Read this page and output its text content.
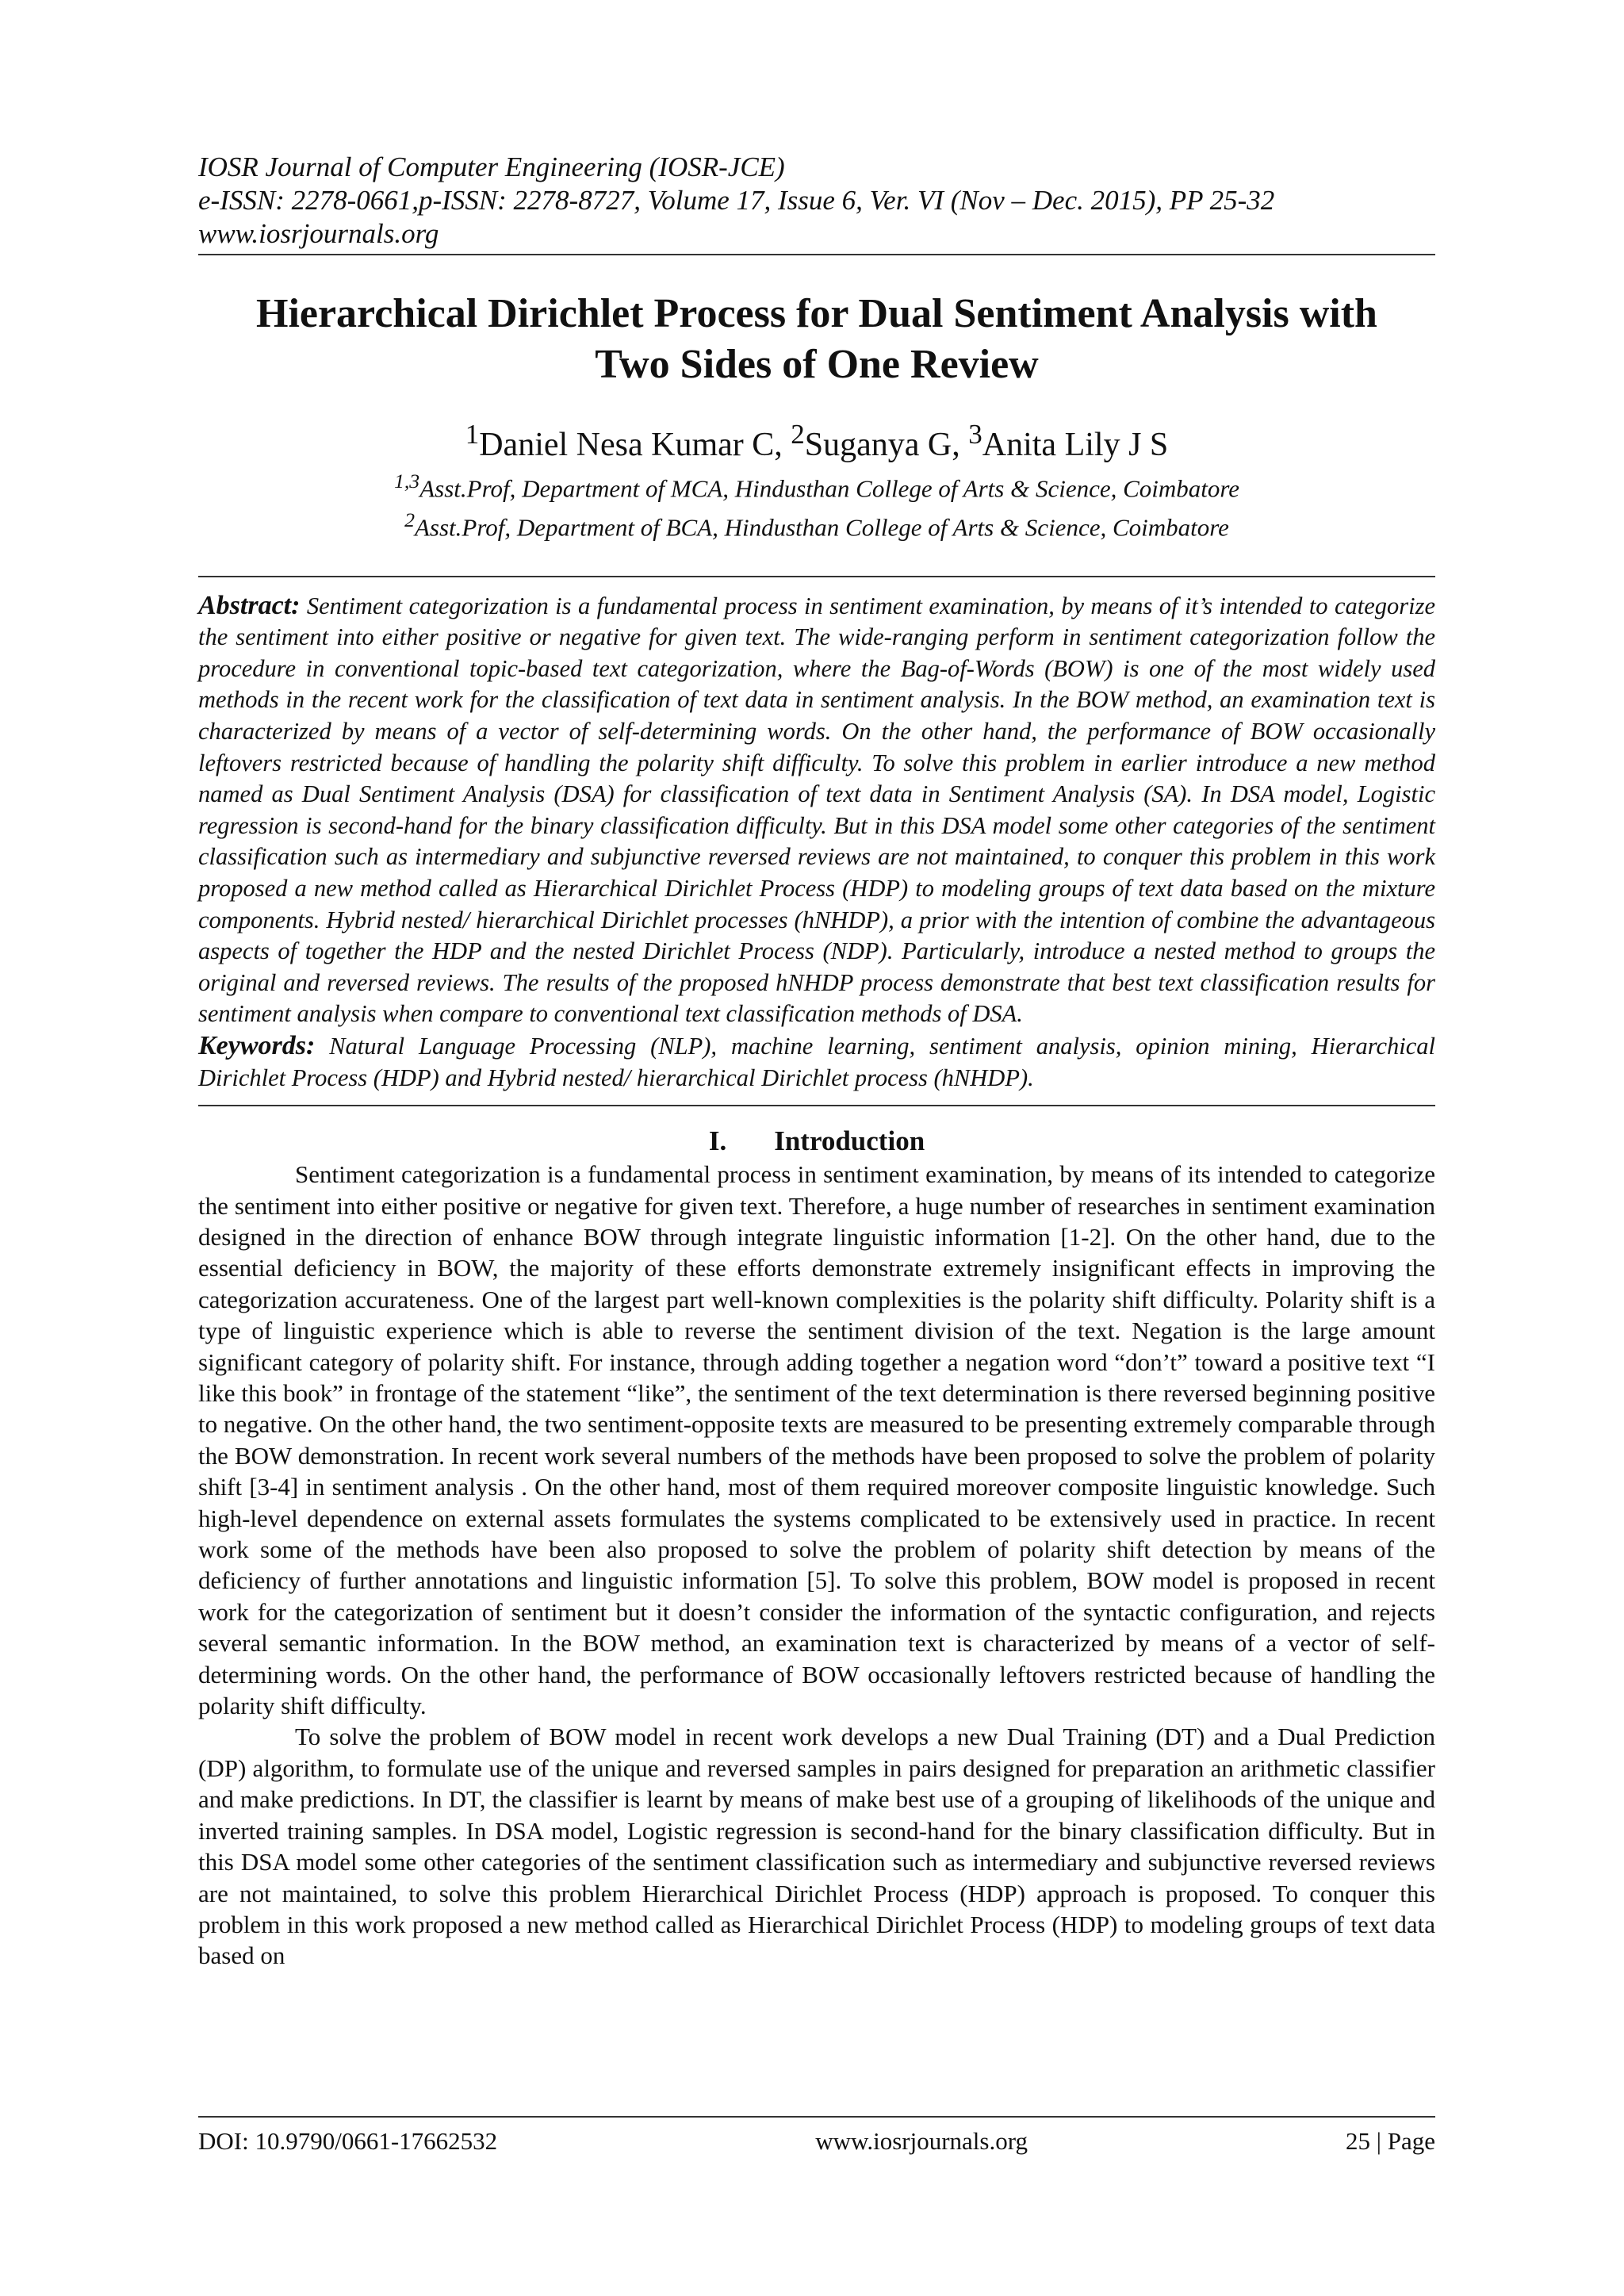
IOSR Journal of Computer Engineering (IOSR-JCE)
e-ISSN: 2278-0661,p-ISSN: 2278-8727, Volume 17, Issue 6, Ver. VI (Nov – Dec. 2015), PP 25-32
www.iosrjournals.org
Hierarchical Dirichlet Process for Dual Sentiment Analysis with
Two Sides of One Review
$^1$Daniel Nesa Kumar C, $^2$Suganya G, $^3$Anita Lily J S
$^{1,3}$Asst.Prof, Department of MCA, Hindusthan College of Arts & Science, Coimbatore
$^2$Asst.Prof, Department of BCA, Hindusthan College of Arts & Science, Coimbatore
Abstract: Sentiment categorization is a fundamental process in sentiment examination, by means of it’s intended to categorize the sentiment into either positive or negative for given text. The wide-ranging perform in sentiment categorization follow the procedure in conventional topic-based text categorization, where the Bag-of-Words (BOW) is one of the most widely used methods in the recent work for the classification of text data in sentiment analysis. In the BOW method, an examination text is characterized by means of a vector of self-determining words. On the other hand, the performance of BOW occasionally leftovers restricted because of handling the polarity shift difficulty. To solve this problem in earlier introduce a new method named as Dual Sentiment Analysis (DSA) for classification of text data in Sentiment Analysis (SA). In DSA model, Logistic regression is second-hand for the binary classification difficulty. But in this DSA model some other categories of the sentiment classification such as intermediary and subjunctive reversed reviews are not maintained, to conquer this problem in this work proposed a new method called as Hierarchical Dirichlet Process (HDP) to modeling groups of text data based on the mixture components. Hybrid nested/ hierarchical Dirichlet processes (hNHDP), a prior with the intention of combine the advantageous aspects of together the HDP and the nested Dirichlet Process (NDP). Particularly, introduce a nested method to groups the original and reversed reviews. The results of the proposed hNHDP process demonstrate that best text classification results for sentiment analysis when compare to conventional text classification methods of DSA.
Keywords: Natural Language Processing (NLP), machine learning, sentiment analysis, opinion mining, Hierarchical Dirichlet Process (HDP) and Hybrid nested/ hierarchical Dirichlet process (hNHDP).
I. Introduction

Sentiment categorization is a fundamental process in sentiment examination, by means of its intended to categorize the sentiment into either positive or negative for given text. Therefore, a huge number of researches in sentiment examination designed in the direction of enhance BOW through integrate linguistic information [1-2]. On the other hand, due to the essential deficiency in BOW, the majority of these efforts demonstrate extremely insignificant effects in improving the categorization accurateness. One of the largest part well-known complexities is the polarity shift difficulty. Polarity shift is a type of linguistic experience which is able to reverse the sentiment division of the text. Negation is the large amount significant category of polarity shift. For instance, through adding together a negation word “don’t” toward a positive text “I like this book” in frontage of the statement “like”, the sentiment of the text determination is there reversed beginning positive to negative. On the other hand, the two sentiment-opposite texts are measured to be presenting extremely comparable through the BOW demonstration. In recent work several numbers of the methods have been proposed to solve the problem of polarity shift [3-4] in sentiment analysis . On the other hand, most of them required moreover composite linguistic knowledge. Such high-level dependence on external assets formulates the systems complicated to be extensively used in practice. In recent work some of the methods have been also proposed to solve the problem of polarity shift detection by means of the deficiency of further annotations and linguistic information [5]. To solve this problem, BOW model is proposed in recent work for the categorization of sentiment but it doesn’t consider the information of the syntactic configuration, and rejects several semantic information. In the BOW method, an examination text is characterized by means of a vector of self-determining words. On the other hand, the performance of BOW occasionally leftovers restricted because of handling the polarity shift difficulty.

To solve the problem of BOW model in recent work develops a new Dual Training (DT) and a Dual Prediction (DP) algorithm, to formulate use of the unique and reversed samples in pairs designed for preparation an arithmetic classifier and make predictions. In DT, the classifier is learnt by means of make best use of a grouping of likelihoods of the unique and inverted training samples. In DSA model, Logistic regression is second-hand for the binary classification difficulty. But in this DSA model some other categories of the sentiment classification such as intermediary and subjunctive reversed reviews are not maintained, to solve this problem Hierarchical Dirichlet Process (HDP) approach is proposed. To conquer this problem in this work proposed a new method called as Hierarchical Dirichlet Process (HDP) to modeling groups of text data based on

DOI: 10.9790/0661-17662532	www.iosrjournals.org	25 | Page
